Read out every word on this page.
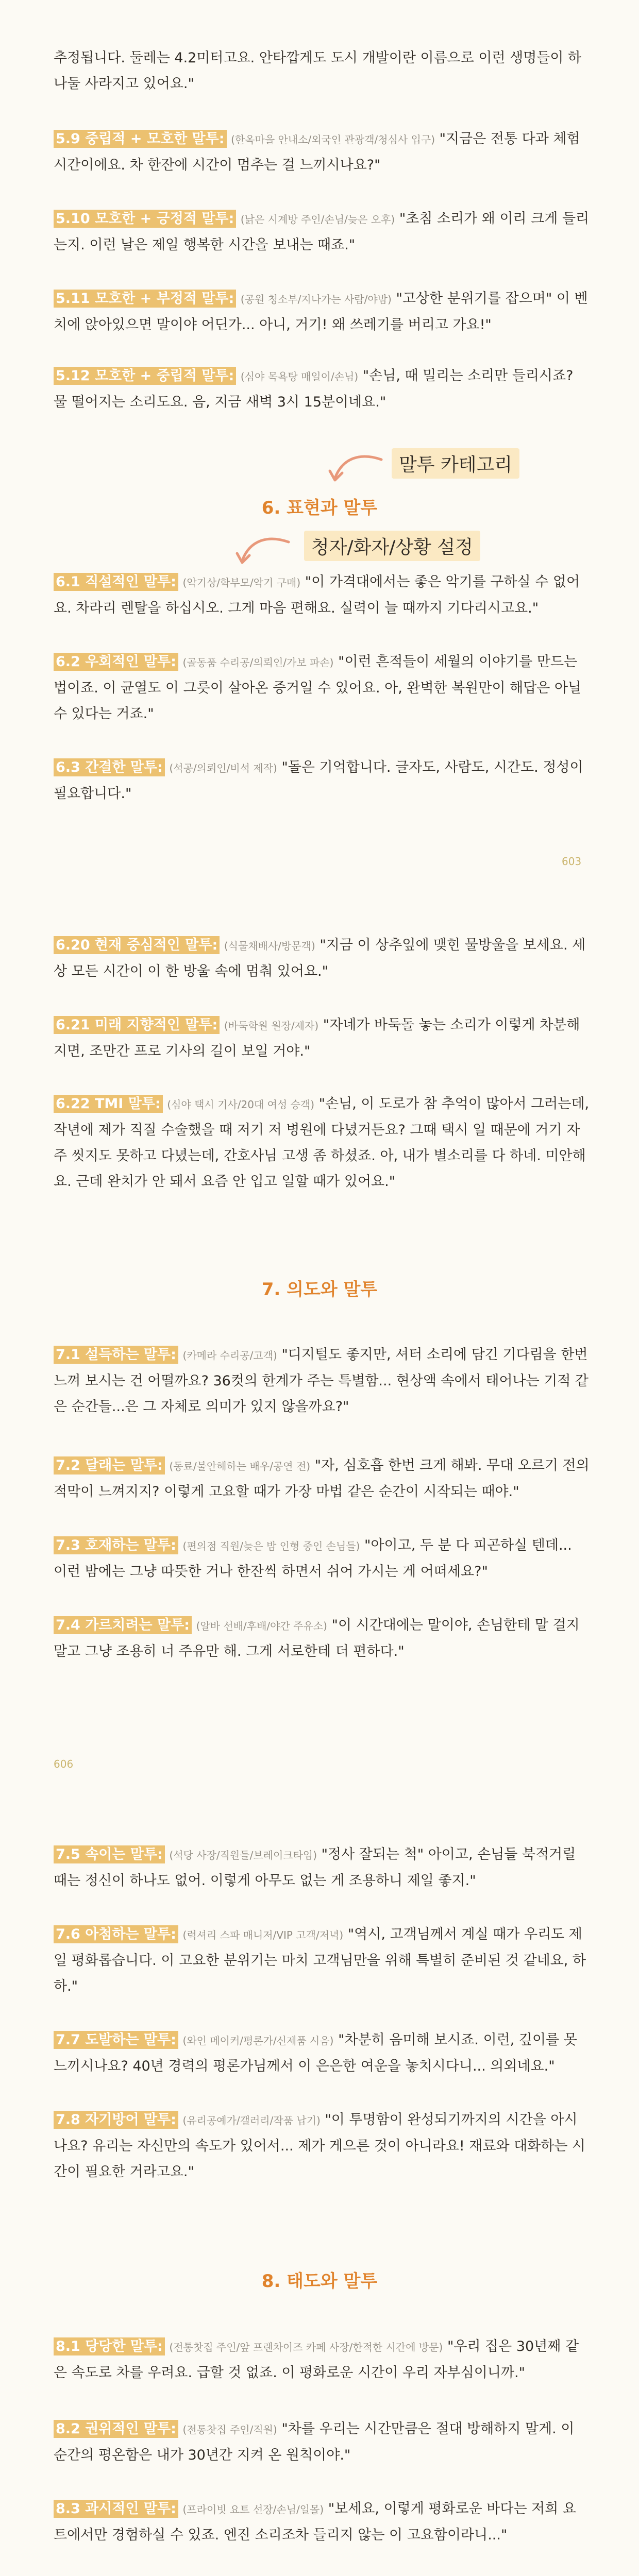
추정됩니다. 둘레는 4.2미터고요. 안타깝게도 도시 개발이란 이름으로 이런 생명들이 하나둘 사라지고 있어요."

5.9 중립적 + 모호한 말투: (한옥마을 안내소/외국인 관광객/청심사 입구) "지금은 전통 다과 체험 시간이에요. 차 한잔에 시간이 멈추는 걸 느끼시나요?"

5.10 모호한 + 긍정적 말투: (낡은 시계방 주인/손님/늦은 오후) "초침 소리가 왜 이리 크게 들리는지. 이런 날은 제일 행복한 시간을 보내는 때죠."

5.11 모호한 + 부정적 말투: (공원 청소부/지나가는 사람/야밤) "고상한 분위기를 잡으며" 이 벤치에 앉아있으면 말이야 어딘가... 아니, 거기! 왜 쓰레기를 버리고 가요!"

5.12 모호한 + 중립적 말투: (심야 목욕탕 매일이/손님) "손님, 때 밀리는 소리만 들리시죠? 물 떨어지는 소리도요. 음, 지금 새벽 3시 15분이네요."

말투 카테고리
6. 표현과 말투
청자/화자/상황 설정

6.1 직설적인 말투: (악기상/학부모/악기 구매) "이 가격대에서는 좋은 악기를 구하실 수 없어요. 차라리 렌탈을 하십시오. 그게 마음 편해요. 실력이 늘 때까지 기다리시고요."

6.2 우회적인 말투: (골동품 수리공/의뢰인/가보 파손) "이런 흔적들이 세월의 이야기를 만드는 법이죠. 이 균열도 이 그릇이 살아온 증거일 수 있어요. 아, 완벽한 복원만이 해답은 아닐 수 있다는 거죠."

6.3 간결한 말투: (석공/의뢰인/비석 제작) "돌은 기억합니다. 글자도, 사람도, 시간도. 정성이 필요합니다."

603

6.20 현재 중심적인 말투: (식물채배사/방문객) "지금 이 상추잎에 맺힌 물방울을 보세요. 세상 모든 시간이 이 한 방울 속에 멈춰 있어요."

6.21 미래 지향적인 말투: (바둑학원 원장/제자) "자네가 바둑돌 놓는 소리가 이렇게 차분해지면, 조만간 프로 기사의 길이 보일 거야."

6.22 TMI 말투: (심야 택시 기사/20대 여성 승객) "손님, 이 도로가 참 추억이 많아서 그러는데, 작년에 제가 직질 수술했을 때 저기 저 병원에 다녔거든요? 그때 택시 일 때문에 거기 자주 씻지도 못하고 다녔는데, 간호사님 고생 좀 하셨죠. 아, 내가 별소리를 다 하네. 미안해요. 근데 완치가 안 돼서 요즘 안 입고 일할 때가 있어요."

7. 의도와 말투

7.1 설득하는 말투: (카메라 수리공/고객) "디지털도 좋지만, 셔터 소리에 담긴 기다림을 한번 느껴 보시는 건 어떨까요? 36컷의 한계가 주는 특별함... 현상액 속에서 태어나는 기적 같은 순간들...은 그 자체로 의미가 있지 않을까요?"

7.2 달래는 말투: (동료/불안해하는 배우/공연 전) "자, 심호흡 한번 크게 해봐. 무대 오르기 전의 적막이 느껴지지? 이렇게 고요할 때가 가장 마법 같은 순간이 시작되는 때야."

7.3 호재하는 말투: (편의점 직원/늦은 밤 인형 중인 손님들) "아이고, 두 분 다 피곤하실 텐데... 이런 밤에는 그냥 따뜻한 거나 한잔씩 하면서 쉬어 가시는 게 어떠세요?"

7.4 가르치려는 말투: (알바 선배/후배/야간 주유소) "이 시간대에는 말이야, 손님한테 말 걸지 말고 그냥 조용히 너 주유만 해. 그게 서로한테 더 편하다."

606

7.5 속이는 말투: (석당 사장/직원들/브레이크타임) "정사 잘되는 척" 아이고, 손님들 북적거릴 때는 정신이 하나도 없어. 이렇게 아무도 없는 게 조용하니 제일 좋지."

7.6 아첨하는 말투: (럭셔리 스파 매니저/VIP 고객/저녁) "역시, 고객님께서 계실 때가 우리도 제일 평화롭습니다. 이 고요한 분위기는 마치 고객님만을 위해 특별히 준비된 것 같네요, 하하."

7.7 도발하는 말투: (와인 메이커/평론가/신제품 시음) "차분히 음미해 보시죠. 이런, 깊이를 못 느끼시나요? 40년 경력의 평론가님께서 이 은은한 여운을 놓치시다니... 의외네요."

7.8 자기방어 말투: (유리공예가/갤러리/작품 납기) "이 투명함이 완성되기까지의 시간을 아시나요? 유리는 자신만의 속도가 있어서... 제가 게으른 것이 아니라요! 재료와 대화하는 시간이 필요한 거라고요."

8. 태도와 말투

8.1 당당한 말투: (전통찻집 주인/앞 프랜차이즈 카페 사장/한적한 시간에 방문) "우리 집은 30년째 같은 속도로 차를 우려요. 급할 것 없죠. 이 평화로운 시간이 우리 자부심이니까."

8.2 권위적인 말투: (전통찻집 주인/직원) "차를 우리는 시간만큼은 절대 방해하지 말게. 이 순간의 평온함은 내가 30년간 지켜 온 원칙이야."

8.3 과시적인 말투: (프라이빗 요트 선장/손님/일몰) "보세요, 이렇게 평화로운 바다는 저희 요트에서만 경험하실 수 있죠. 엔진 소리조차 들리지 않는 이 고요함이라니..."
